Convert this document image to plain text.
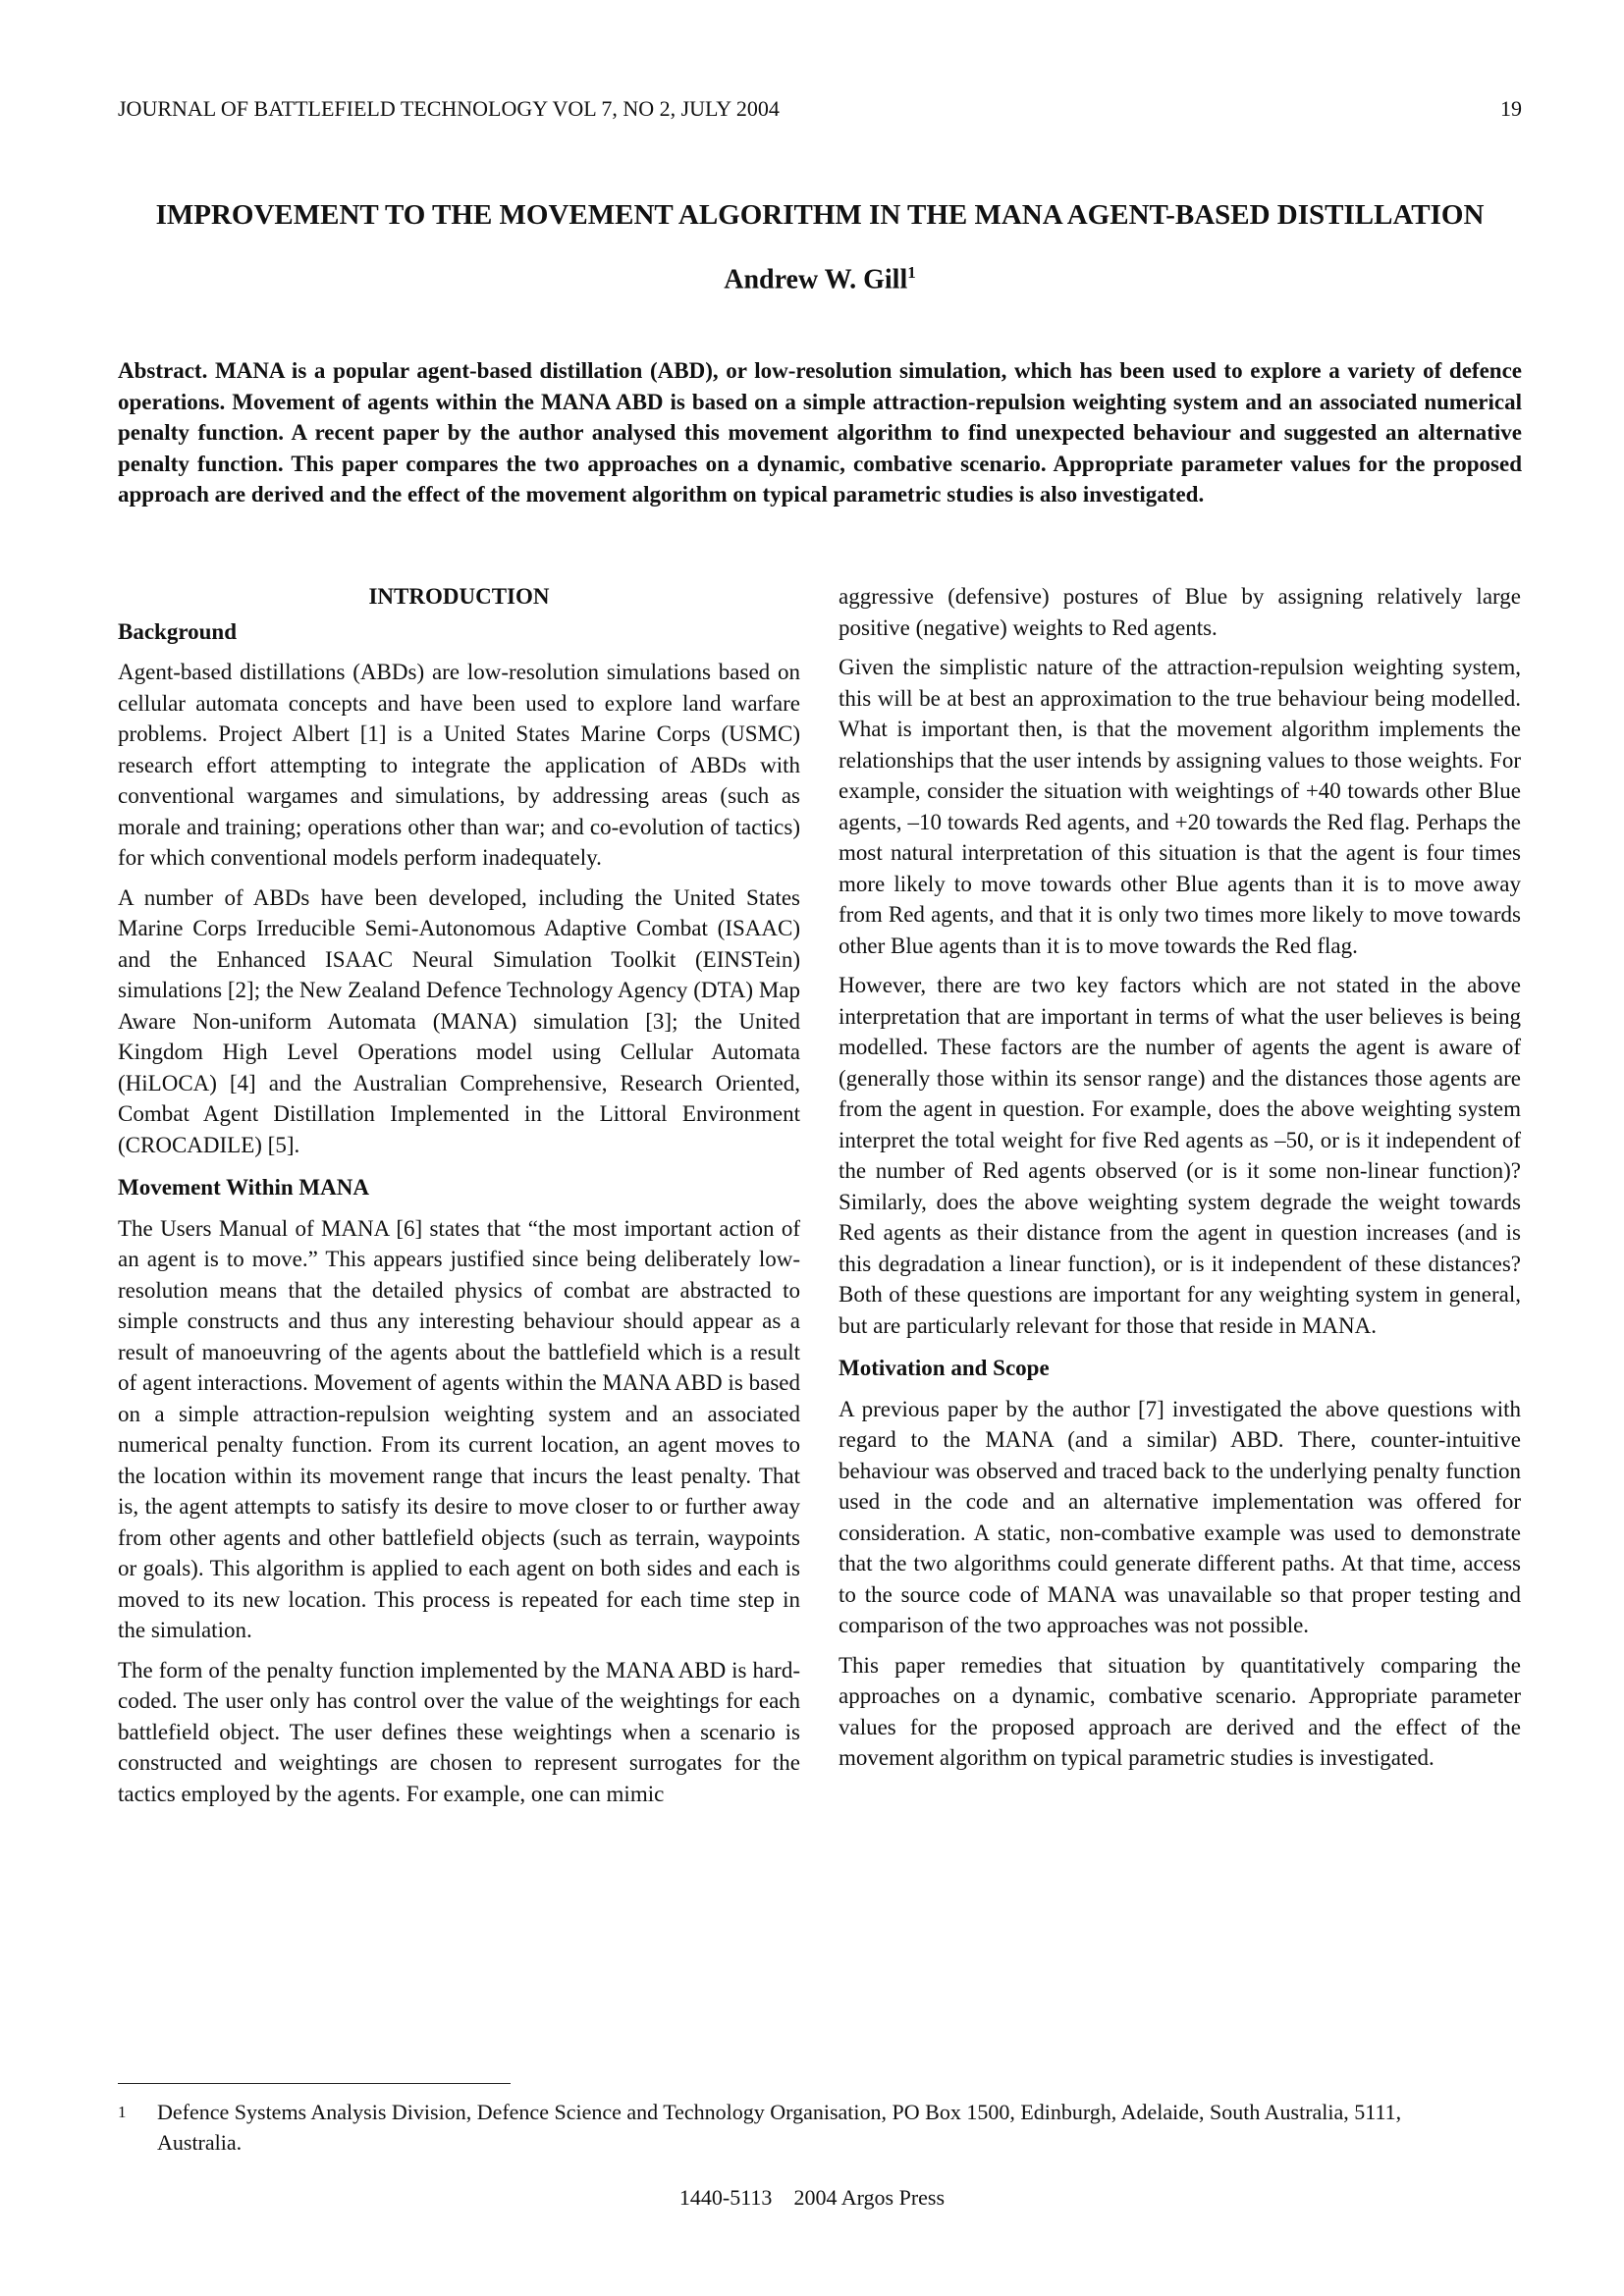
JOURNAL OF BATTLEFIELD TECHNOLOGY VOL 7, NO 2, JULY 2004	19
IMPROVEMENT TO THE MOVEMENT ALGORITHM IN THE MANA AGENT-BASED DISTILLATION
Andrew W. Gill$^1$
Abstract. MANA is a popular agent-based distillation (ABD), or low-resolution simulation, which has been used to explore a variety of defence operations. Movement of agents within the MANA ABD is based on a simple attraction-repulsion weighting system and an associated numerical penalty function. A recent paper by the author analysed this movement algorithm to find unexpected behaviour and suggested an alternative penalty function. This paper compares the two approaches on a dynamic, combative scenario. Appropriate parameter values for the proposed approach are derived and the effect of the movement algorithm on typical parametric studies is also investigated.
INTRODUCTION
Background

Agent-based distillations (ABDs) are low-resolution simulations based on cellular automata concepts and have been used to explore land warfare problems. Project Albert [1] is a United States Marine Corps (USMC) research effort attempting to integrate the application of ABDs with conventional wargames and simulations, by addressing areas (such as morale and training; operations other than war; and co-evolution of tactics) for which conventional models perform inadequately.

A number of ABDs have been developed, including the United States Marine Corps Irreducible Semi-Autonomous Adaptive Combat (ISAAC) and the Enhanced ISAAC Neural Simulation Toolkit (EINSTein) simulations [2]; the New Zealand Defence Technology Agency (DTA) Map Aware Non-uniform Automata (MANA) simulation [3]; the United Kingdom High Level Operations model using Cellular Automata (HiLOCA) [4] and the Australian Comprehensive, Research Oriented, Combat Agent Distillation Implemented in the Littoral Environment (CROCADILE) [5].

Movement Within MANA

The Users Manual of MANA [6] states that “the most important action of an agent is to move.” This appears justified since being deliberately low-resolution means that the detailed physics of combat are abstracted to simple constructs and thus any interesting behaviour should appear as a result of manoeuvring of the agents about the battlefield which is a result of agent interactions. Movement of agents within the MANA ABD is based on a simple attraction-repulsion weighting system and an associated numerical penalty function. From its current location, an agent moves to the location within its movement range that incurs the least penalty. That is, the agent attempts to satisfy its desire to move closer to or further away from other agents and other battlefield objects (such as terrain, waypoints or goals). This algorithm is applied to each agent on both sides and each is moved to its new location. This process is repeated for each time step in the simulation.

The form of the penalty function implemented by the MANA ABD is hard-coded. The user only has control over the value of the weightings for each battlefield object. The user defines these weightings when a scenario is constructed and weightings are chosen to represent surrogates for the tactics employed by the agents. For example, one can mimic

aggressive (defensive) postures of Blue by assigning relatively large positive (negative) weights to Red agents.

Given the simplistic nature of the attraction-repulsion weighting system, this will be at best an approximation to the true behaviour being modelled. What is important then, is that the movement algorithm implements the relationships that the user intends by assigning values to those weights. For example, consider the situation with weightings of +40 towards other Blue agents, –10 towards Red agents, and +20 towards the Red flag. Perhaps the most natural interpretation of this situation is that the agent is four times more likely to move towards other Blue agents than it is to move away from Red agents, and that it is only two times more likely to move towards other Blue agents than it is to move towards the Red flag.

However, there are two key factors which are not stated in the above interpretation that are important in terms of what the user believes is being modelled. These factors are the number of agents the agent is aware of (generally those within its sensor range) and the distances those agents are from the agent in question. For example, does the above weighting system interpret the total weight for five Red agents as –50, or is it independent of the number of Red agents observed (or is it some non-linear function)? Similarly, does the above weighting system degrade the weight towards Red agents as their distance from the agent in question increases (and is this degradation a linear function), or is it independent of these distances? Both of these questions are important for any weighting system in general, but are particularly relevant for those that reside in MANA.

Motivation and Scope

A previous paper by the author [7] investigated the above questions with regard to the MANA (and a similar) ABD. There, counter-intuitive behaviour was observed and traced back to the underlying penalty function used in the code and an alternative implementation was offered for consideration. A static, non-combative example was used to demonstrate that the two algorithms could generate different paths. At that time, access to the source code of MANA was unavailable so that proper testing and comparison of the two approaches was not possible.

This paper remedies that situation by quantitatively comparing the approaches on a dynamic, combative scenario. Appropriate parameter values for the proposed approach are derived and the effect of the movement algorithm on typical parametric studies is investigated.

1	Defence Systems Analysis Division, Defence Science and Technology Organisation, PO Box 1500, Edinburgh, Adelaide, South Australia, 5111, Australia.
1440-5113 2004 Argos Press
